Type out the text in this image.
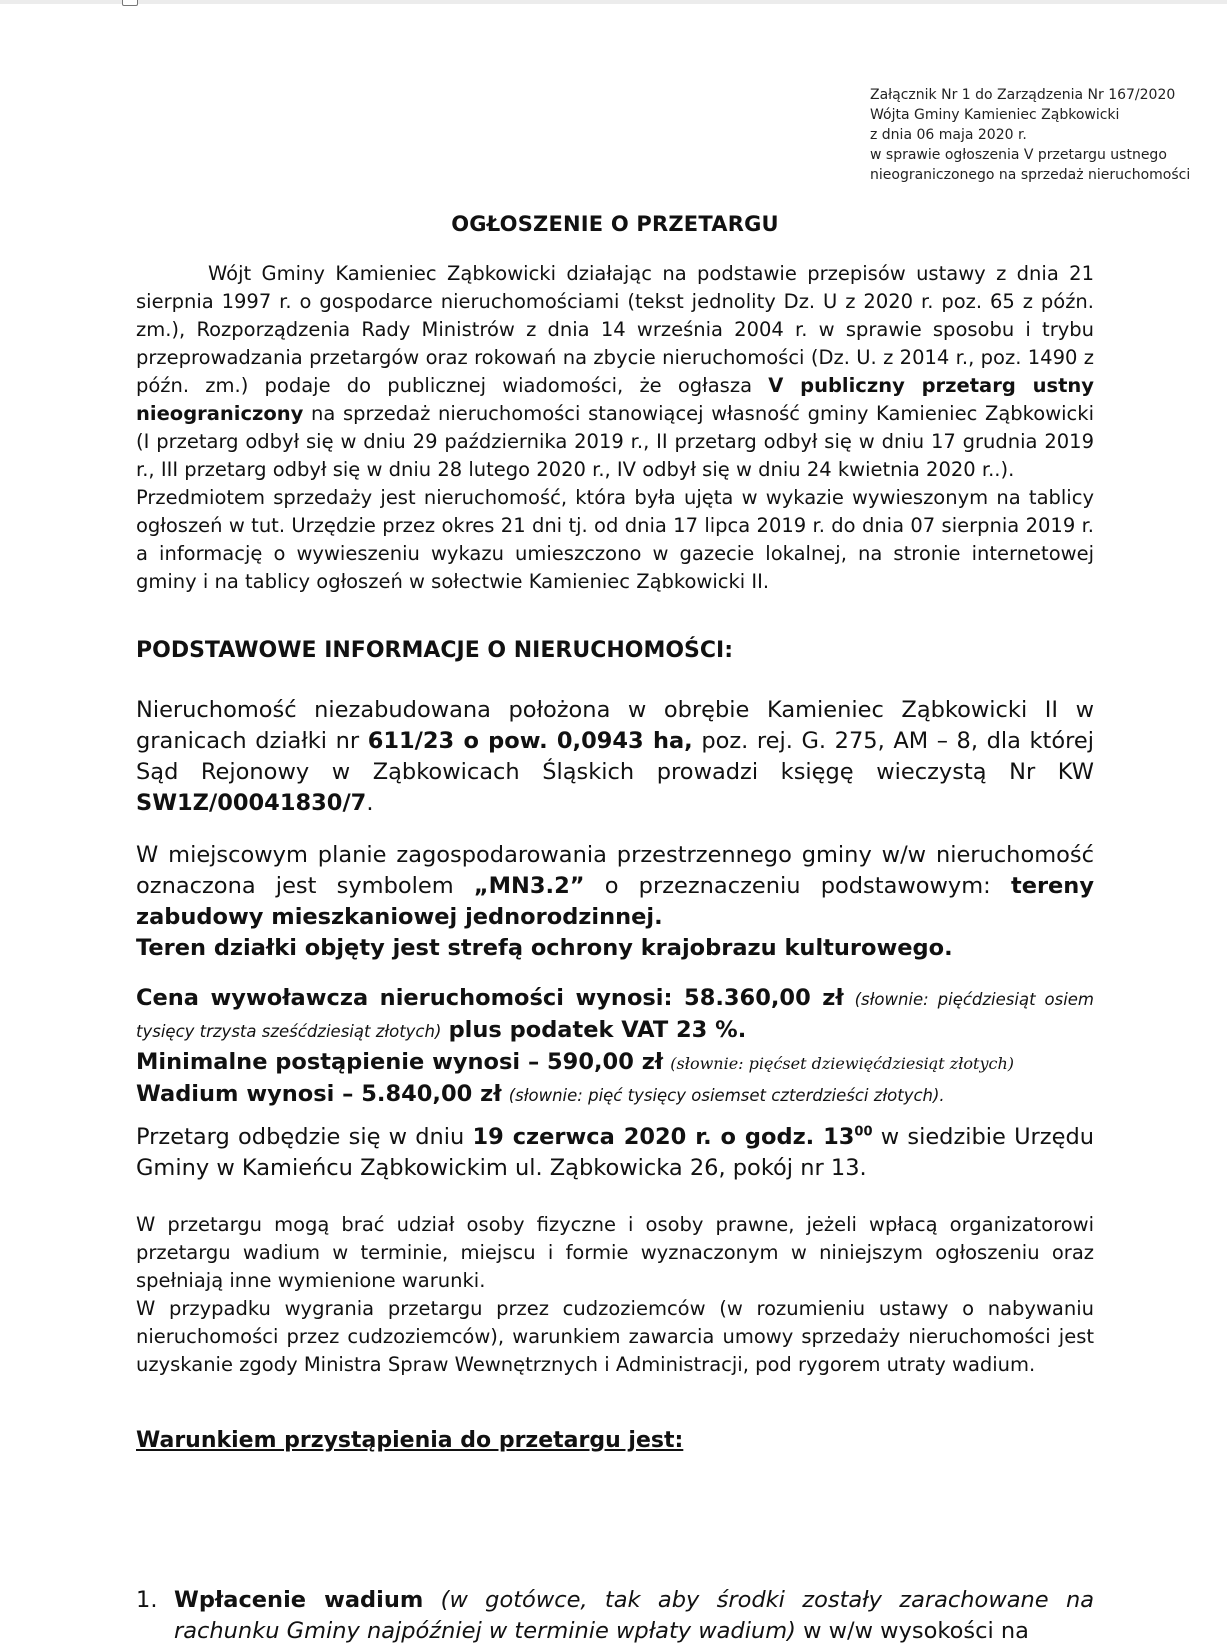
Załącznik Nr 1 do Zarządzenia Nr 167/2020
Wójta Gminy Kamieniec Ząbkowicki
z dnia 06 maja 2020 r.
w sprawie ogłoszenia V przetargu ustnego
nieograniczonego na sprzedaż nieruchomości
OGŁOSZENIE O PRZETARGU

Wójt Gminy Kamieniec Ząbkowicki działając na podstawie przepisów ustawy z dnia 21 sierpnia 1997 r. o gospodarce nieruchomościami (tekst jednolity Dz. U z 2020 r. poz. 65 z późn. zm.), Rozporządzenia Rady Ministrów z dnia 14 września 2004 r. w sprawie sposobu i trybu przeprowadzania przetargów oraz rokowań na zbycie nieruchomości (Dz. U. z 2014 r., poz. 1490 z późn. zm.) podaje do publicznej wiadomości, że ogłasza V publiczny przetarg ustny nieograniczony na sprzedaż nieruchomości stanowiącej własność gminy Kamieniec Ząbkowicki (I przetarg odbył się w dniu 29 października 2019 r., II przetarg odbył się w dniu 17 grudnia 2019 r., III przetarg odbył się w dniu 28 lutego 2020 r., IV odbył się w dniu 24 kwietnia 2020 r..).

Przedmiotem sprzedaży jest nieruchomość, która była ujęta w wykazie wywieszonym na tablicy ogłoszeń w tut. Urzędzie przez okres 21 dni tj. od dnia 17 lipca 2019 r. do dnia 07 sierpnia 2019 r. a informację o wywieszeniu wykazu umieszczono w gazecie lokalnej, na stronie internetowej gminy i na tablicy ogłoszeń w sołectwie Kamieniec Ząbkowicki II.

PODSTAWOWE INFORMACJE O NIERUCHOMOŚCI:
Nieruchomość niezabudowana położona w obrębie Kamieniec Ząbkowicki II w granicach działki nr 611/23 o pow. 0,0943 ha, poz. rej. G. 275, AM – 8, dla której Sąd Rejonowy w Ząbkowicach Śląskich prowadzi księgę wieczystą Nr KW SW1Z/00041830/7.
W miejscowym planie zagospodarowania przestrzennego gminy w/w nieruchomość oznaczona jest symbolem „MN3.2” o przeznaczeniu podstawowym: tereny zabudowy mieszkaniowej jednorodzinnej.
Teren działki objęty jest strefą ochrony krajobrazu kulturowego.
Cena wywoławcza nieruchomości wynosi: 58.360,00 zł (słownie: pięćdziesiąt osiem tysięcy trzysta sześćdziesiąt złotych) plus podatek VAT 23 %.
Minimalne postąpienie wynosi – 590,00 zł (słownie: pięćset dziewięćdziesiąt złotych)
Wadium wynosi – 5.840,00 zł (słownie: pięć tysięcy osiemset czterdzieści złotych).
Przetarg odbędzie się w dniu 19 czerwca 2020 r. o godz. $13^{00}$ w siedzibie Urzędu Gminy w Kamieńcu Ząbkowickim ul. Ząbkowicka 26, pokój nr 13.

W przetargu mogą brać udział osoby fizyczne i osoby prawne, jeżeli wpłacą organizatorowi przetargu wadium w terminie, miejscu i formie wyznaczonym w niniejszym ogłoszeniu oraz spełniają inne wymienione warunki.

W przypadku wygrania przetargu przez cudzoziemców (w rozumieniu ustawy o nabywaniu nieruchomości przez cudzoziemców), warunkiem zawarcia umowy sprzedaży nieruchomości jest uzyskanie zgody Ministra Spraw Wewnętrznych i Administracji, pod rygorem utraty wadium.

Warunkiem przystąpienia do przetargu jest:
1. Wpłacenie wadium (w gotówce, tak aby środki zostały zarachowane na rachunku Gminy najpóźniej w terminie wpłaty wadium) w w/w wysokości na
